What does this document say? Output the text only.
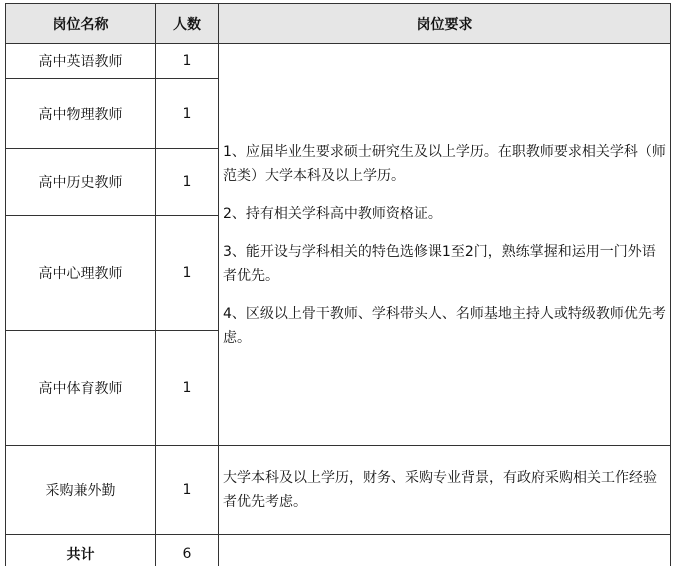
岗位名称	人数	岗位要求
高中英语教师	1	1、应届毕业生要求硕士研究生及以上学历。在职教师要求相关学科（师范类）大学本科及以上学历。
2、持有相关学科高中教师资格证。
3、能开设与学科相关的特色选修课1至2门，熟练掌握和运用一门外语者优先。
4、区级以上骨干教师、学科带头人、名师基地主持人或特级教师优先考虑。

高中物理教师	1	
高中历史教师	1	
高中心理教师	1	
高中体育教师	1	
采购兼外勤	1	大学本科及以上学历，财务、采购专业背景，有政府采购相关工作经验者优先考虑。
共计	6	
